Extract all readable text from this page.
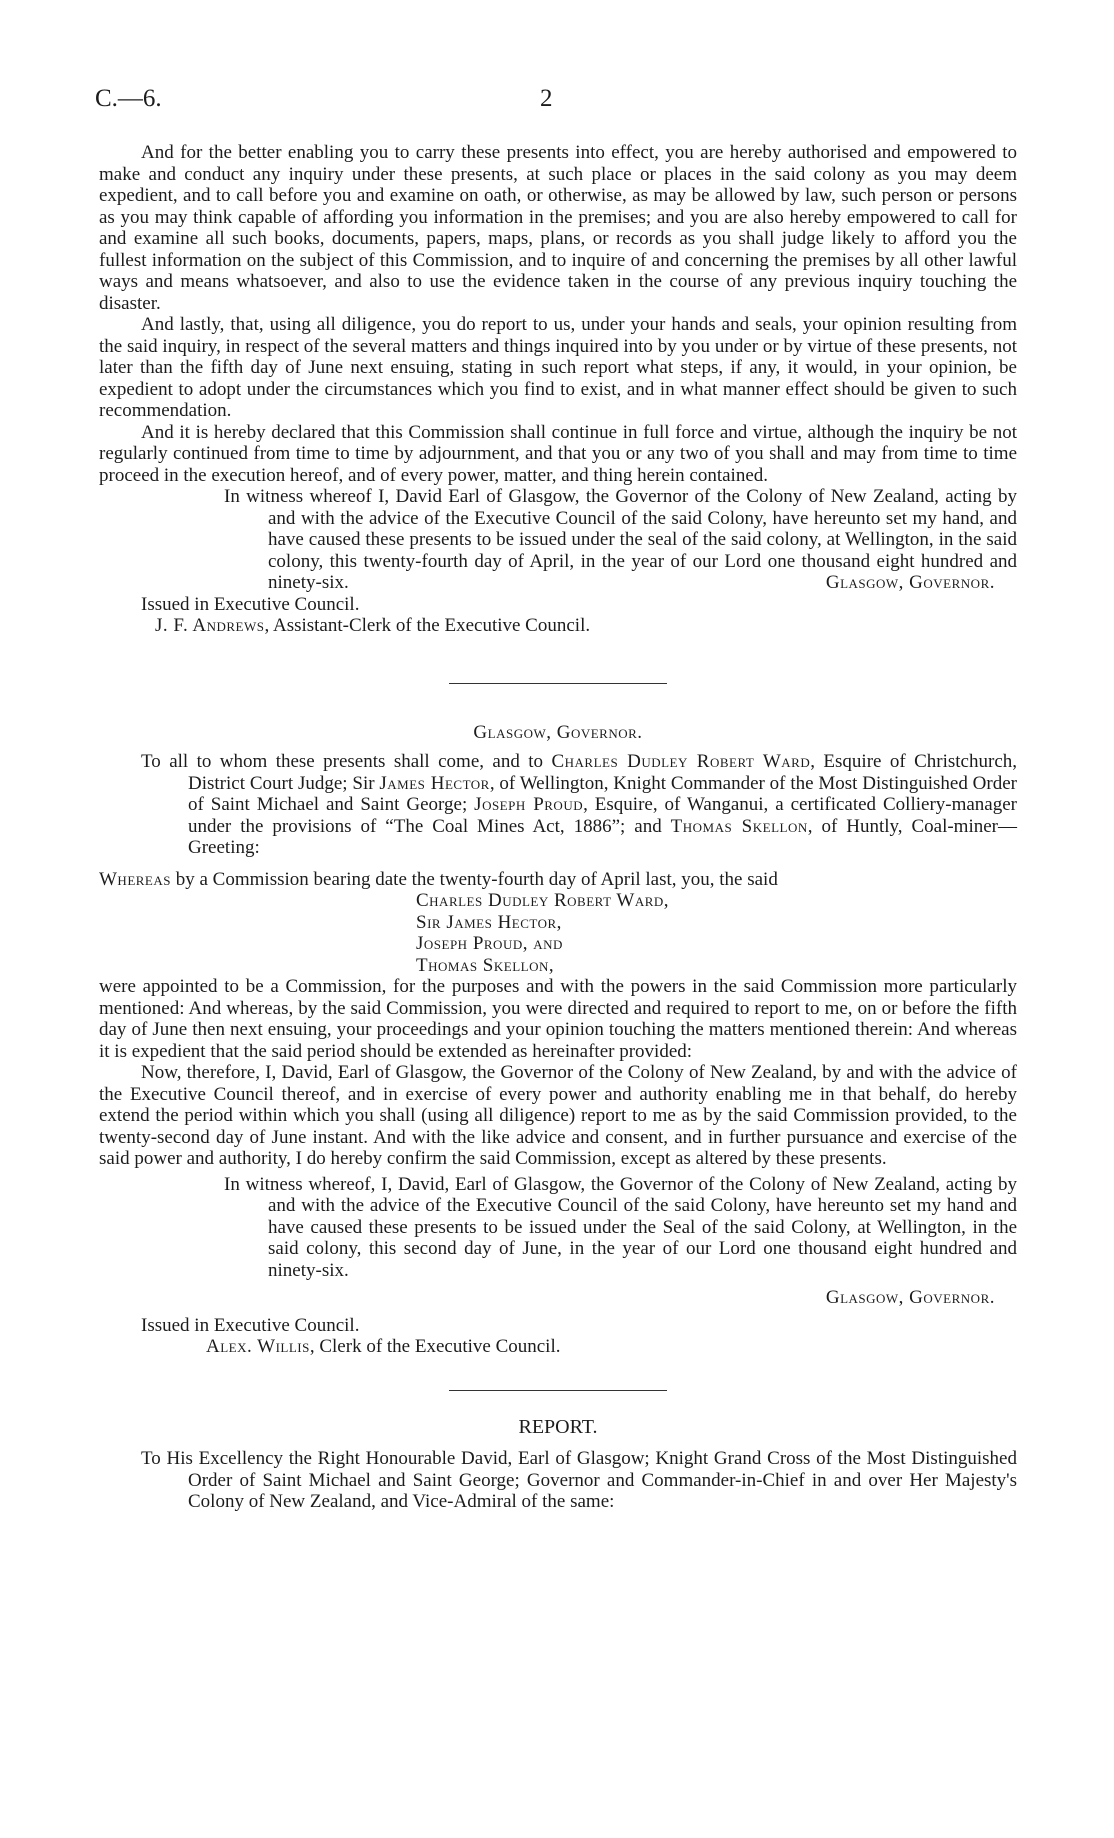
C.—6.	2

And for the better enabling you to carry these presents into effect, you are hereby authorised and empowered to make and conduct any inquiry under these presents, at such place or places in the said colony as you may deem expedient, and to call before you and examine on oath, or otherwise, as may be allowed by law, such person or persons as you may think capable of affording you information in the premises; and you are also hereby empowered to call for and examine all such books, documents, papers, maps, plans, or records as you shall judge likely to afford you the fullest information on the subject of this Commission, and to inquire of and concerning the premises by all other lawful ways and means whatsoever, and also to use the evidence taken in the course of any previous inquiry touching the disaster.

And lastly, that, using all diligence, you do report to us, under your hands and seals, your opinion resulting from the said inquiry, in respect of the several matters and things inquired into by you under or by virtue of these presents, not later than the fifth day of June next ensuing, stating in such report what steps, if any, it would, in your opinion, be expedient to adopt under the circumstances which you find to exist, and in what manner effect should be given to such recommendation.

And it is hereby declared that this Commission shall continue in full force and virtue, although the inquiry be not regularly continued from time to time by adjournment, and that you or any two of you shall and may from time to time proceed in the execution hereof, and of every power, matter, and thing herein contained.

In witness whereof I, David Earl of Glasgow, the Governor of the Colony of New Zealand, acting by and with the advice of the Executive Council of the said Colony, have hereunto set my hand, and have caused these presents to be issued under the seal of the said colony, at Wellington, in the said colony, this twenty-fourth day of April, in the year of our Lord one thousand eight hundred and ninety-six.	Glasgow, Governor.

Issued in Executive Council.

J. F. Andrews, Assistant-Clerk of the Executive Council.

Glasgow, Governor.

To all to whom these presents shall come, and to Charles Dudley Robert Ward, Esquire of Christchurch, District Court Judge; Sir James Hector, of Wellington, Knight Commander of the Most Distinguished Order of Saint Michael and Saint George; Joseph Proud, Esquire, of Wanganui, a certificated Colliery-manager under the provisions of “The Coal Mines Act, 1886”; and Thomas Skellon, of Huntly, Coal-miner—Greeting:

Whereas by a Commission bearing date the twenty-fourth day of April last, you, the said

Charles Dudley Robert Ward,
Sir James Hector,
Joseph Proud, and
Thomas Skellon,

were appointed to be a Commission, for the purposes and with the powers in the said Commission more particularly mentioned: And whereas, by the said Commission, you were directed and required to report to me, on or before the fifth day of June then next ensuing, your proceedings and your opinion touching the matters mentioned therein: And whereas it is expedient that the said period should be extended as hereinafter provided:

Now, therefore, I, David, Earl of Glasgow, the Governor of the Colony of New Zealand, by and with the advice of the Executive Council thereof, and in exercise of every power and authority enabling me in that behalf, do hereby extend the period within which you shall (using all diligence) report to me as by the said Commission provided, to the twenty-second day of June instant. And with the like advice and consent, and in further pursuance and exercise of the said power and authority, I do hereby confirm the said Commission, except as altered by these presents.

In witness whereof, I, David, Earl of Glasgow, the Governor of the Colony of New Zealand, acting by and with the advice of the Executive Council of the said Colony, have hereunto set my hand and have caused these presents to be issued under the Seal of the said Colony, at Wellington, in the said colony, this second day of June, in the year of our Lord one thousand eight hundred and ninety-six.

Glasgow, Governor.

Issued in Executive Council.

Alex. Willis, Clerk of the Executive Council.

REPORT.

To His Excellency the Right Honourable David, Earl of Glasgow; Knight Grand Cross of the Most Distinguished Order of Saint Michael and Saint George; Governor and Commander-in-Chief in and over Her Majesty's Colony of New Zealand, and Vice-Admiral of the same:
